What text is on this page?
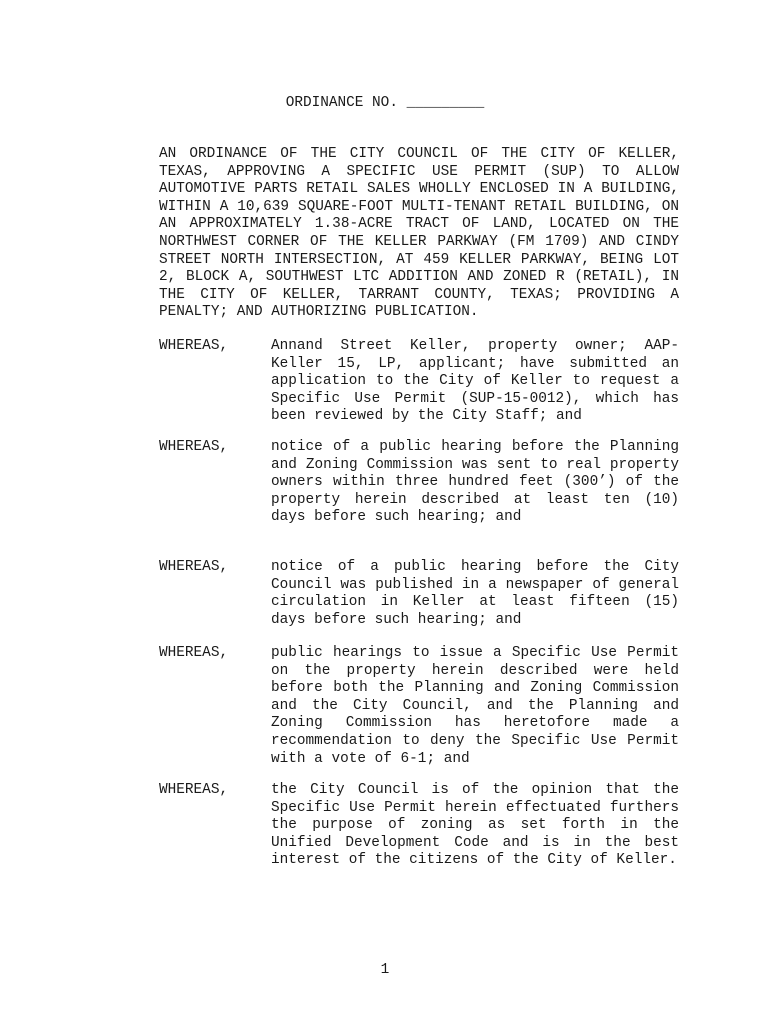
ORDINANCE NO. _________
AN ORDINANCE OF THE CITY COUNCIL OF THE CITY OF KELLER, TEXAS, APPROVING A SPECIFIC USE PERMIT (SUP) TO ALLOW AUTOMOTIVE PARTS RETAIL SALES WHOLLY ENCLOSED IN A BUILDING, WITHIN A 10,639 SQUARE-FOOT MULTI-TENANT RETAIL BUILDING, ON AN APPROXIMATELY 1.38-ACRE TRACT OF LAND, LOCATED ON THE NORTHWEST CORNER OF THE KELLER PARKWAY (FM 1709) AND CINDY STREET NORTH INTERSECTION, AT 459 KELLER PARKWAY, BEING LOT 2, BLOCK A, SOUTHWEST LTC ADDITION AND ZONED R (RETAIL), IN THE CITY OF KELLER, TARRANT COUNTY, TEXAS; PROVIDING A PENALTY; AND AUTHORIZING PUBLICATION.
WHEREAS,	Annand Street Keller, property owner; AAP-Keller 15, LP, applicant; have submitted an application to the City of Keller to request a Specific Use Permit (SUP-15-0012), which has been reviewed by the City Staff; and
WHEREAS,	notice of a public hearing before the Planning and Zoning Commission was sent to real property owners within three hundred feet (300’) of the property herein described at least ten (10) days before such hearing; and
WHEREAS,	notice of a public hearing before the City Council was published in a newspaper of general circulation in Keller at least fifteen (15) days before such hearing; and
WHEREAS,	public hearings to issue a Specific Use Permit on the property herein described were held before both the Planning and Zoning Commission and the City Council, and the Planning and Zoning Commission has heretofore made a recommendation to deny the Specific Use Permit with a vote of 6-1; and
WHEREAS,	the City Council is of the opinion that the Specific Use Permit herein effectuated furthers the purpose of zoning as set forth in the Unified Development Code and is in the best interest of the citizens of the City of Keller.
1
